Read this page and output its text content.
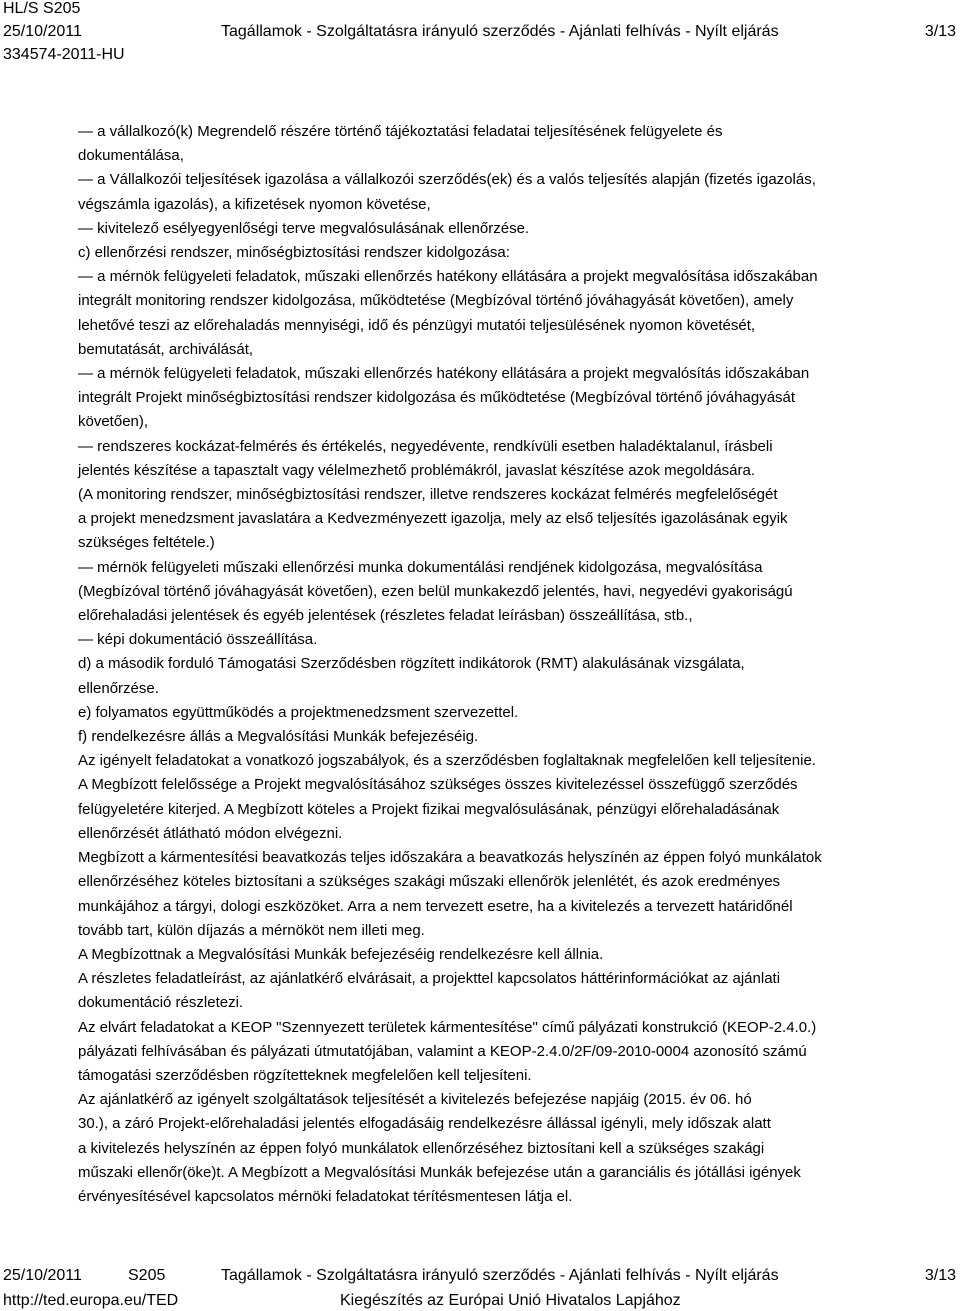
HL/S S205
25/10/2011
334574-2011-HU
Tagállamok - Szolgáltatásra irányuló szerződés - Ajánlati felhívás - Nyílt eljárás	3/13

— a vállalkozó(k) Megrendelő részére történő tájékoztatási feladatai teljesítésének felügyelete és
dokumentálása,
— a Vállalkozói teljesítések igazolása a vállalkozói szerződés(ek) és a valós teljesítés alapján (fizetés igazolás,
végszámla igazolás), a kifizetések nyomon követése,
— kivitelező esélyegyenlőségi terve megvalósulásának ellenőrzése.

c) ellenőrzési rendszer, minőségbiztosítási rendszer kidolgozása:
— a mérnök felügyeleti feladatok, műszaki ellenőrzés hatékony ellátására a projekt megvalósítása időszakában
integrált monitoring rendszer kidolgozása, működtetése (Megbízóval történő jóváhagyását követően), amely
lehetővé teszi az előrehaladás mennyiségi, idő és pénzügyi mutatói teljesülésének nyomon követését,
bemutatását, archiválását,
— a mérnök felügyeleti feladatok, műszaki ellenőrzés hatékony ellátására a projekt megvalósítás időszakában
integrált Projekt minőségbiztosítási rendszer kidolgozása és működtetése (Megbízóval történő jóváhagyását
követően),
— rendszeres kockázat-felmérés és értékelés, negyedévente, rendkívüli esetben haladéktalanul, írásbeli
jelentés készítése a tapasztalt vagy vélelmezhető problémákról, javaslat készítése azok megoldására.

(A monitoring rendszer, minőségbiztosítási rendszer, illetve rendszeres kockázat felmérés megfelelőségét
a projekt menedzsment javaslatára a Kedvezményezett igazolja, mely az első teljesítés igazolásának egyik
szükséges feltétele.)
— mérnök felügyeleti műszaki ellenőrzési munka dokumentálási rendjének kidolgozása, megvalósítása
(Megbízóval történő jóváhagyását követően), ezen belül munkakezdő jelentés, havi, negyedévi gyakoriságú
előrehaladási jelentések és egyéb jelentések (részletes feladat leírásban) összeállítása, stb.,
— képi dokumentáció összeállítása.

d) a második forduló Támogatási Szerződésben rögzített indikátorok (RMT) alakulásának vizsgálata,
ellenőrzése.

e) folyamatos együttműködés a projektmenedzsment szervezettel.

f) rendelkezésre állás a Megvalósítási Munkák befejezéséig.

Az igényelt feladatokat a vonatkozó jogszabályok, és a szerződésben foglaltaknak megfelelően kell teljesítenie.

A Megbízott felelőssége a Projekt megvalósításához szükséges összes kivitelezéssel összefüggő szerződés
felügyeletére kiterjed. A Megbízott köteles a Projekt fizikai megvalósulásának, pénzügyi előrehaladásának
ellenőrzését átlátható módon elvégezni.

Megbízott a kármentesítési beavatkozás teljes időszakára a beavatkozás helyszínén az éppen folyó munkálatok
ellenőrzéséhez köteles biztosítani a szükséges szakági műszaki ellenőrök jelenlétét, és azok eredményes
munkájához a tárgyi, dologi eszközöket. Arra a nem tervezett esetre, ha a kivitelezés a tervezett határidőnél
tovább tart, külön díjazás a mérnököt nem illeti meg.

A Megbízottnak a Megvalósítási Munkák befejezéséig rendelkezésre kell állnia.

A részletes feladatleírást, az ajánlatkérő elvárásait, a projekttel kapcsolatos háttérinformációkat az ajánlati
dokumentáció részletezi.

Az elvárt feladatokat a KEOP "Szennyezett területek kármentesítése" című pályázati konstrukció (KEOP-2.4.0.)
pályázati felhívásában és pályázati útmutatójában, valamint a KEOP-2.4.0/2F/09-2010-0004 azonosító számú
támogatási szerződésben rögzítetteknek megfelelően kell teljesíteni.

Az ajánlatkérő az igényelt szolgáltatások teljesítését a kivitelezés befejezése napjáig (2015. év 06. hó
30.), a záró Projekt-előrehaladási jelentés elfogadásáig rendelkezésre állással igényli, mely időszak alatt
a kivitelezés helyszínén az éppen folyó munkálatok ellenőrzéséhez biztosítani kell a szükséges szakági
műszaki ellenőr(öke)t. A Megbízott a Megvalósítási Munkák befejezése után a garanciális és jótállási igények
érvényesítésével kapcsolatos mérnöki feladatokat térítésmentesen látja el.

25/10/2011	S205	Tagállamok - Szolgáltatásra irányuló szerződés - Ajánlati felhívás - Nyílt eljárás	3/13
http://ted.europa.eu/TED	Kiegészítés az Európai Unió Hivatalos Lapjához
